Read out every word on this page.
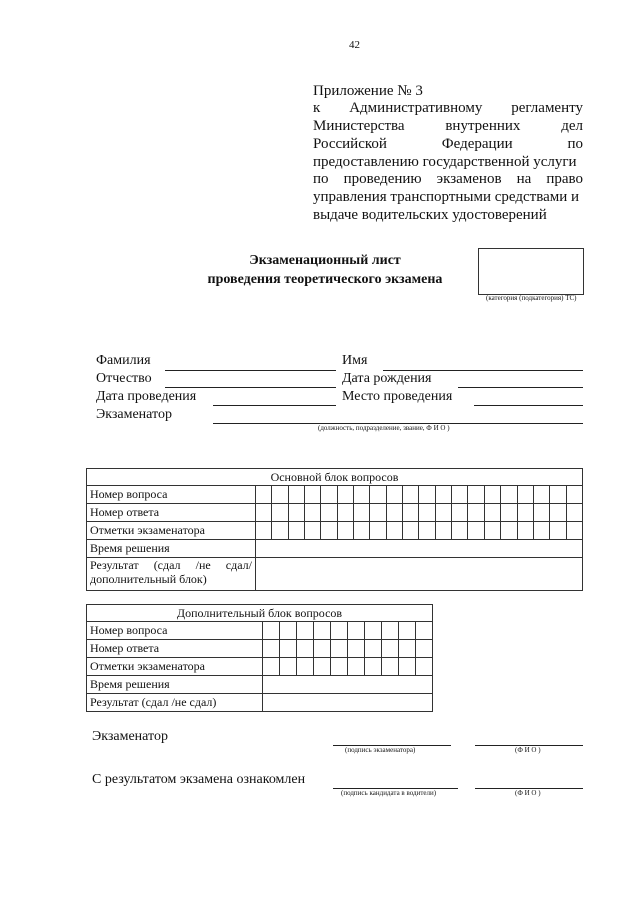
42
Приложение № 3
к Административному регламенту
Министерства	внутренних	дел
Российской	Федерации	по
предоставлению государственной услуги
по проведению экзаменов на право
управления транспортными средствами и
выдаче водительских удостоверений
Экзаменационный лист
проведения теоретического экзамена
(категория (подкатегория) ТС)
Фамилия	Имя
Отчество	Дата рождения
Дата проведения	Место проведения
Экзаменатор
(должность, подразделение, звание, Ф И О )
Основной блок вопросов																				
Номер вопроса																				
Номер ответа																				
Отметки экзаменатора																				
Время решения																				

Результат (сдал /не сдал/
дополнительный блок)																				

Дополнительный блок вопросов										
Номер вопроса										
Номер ответа										
Отметки экзаменатора										
Время решения										
Результат (сдал /не сдал)										
Экзаменатор
(подпись экзаменатора)	(Ф И О )
С результатом экзамена ознакомлен
(подпись кандидата в водители)	(Ф И О )
